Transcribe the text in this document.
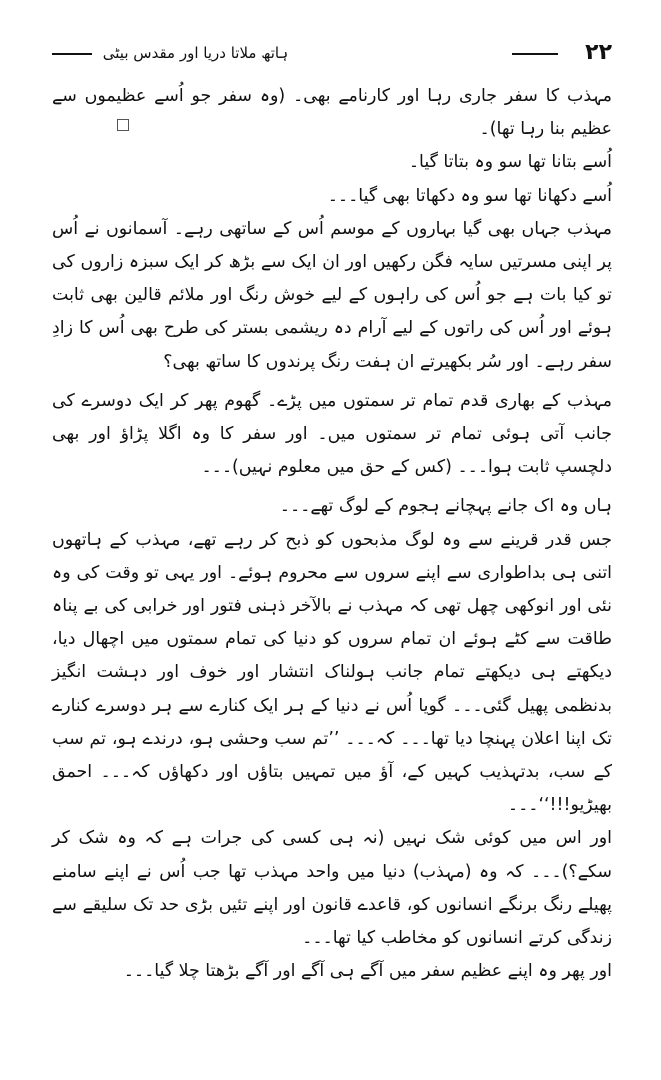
۲۲
ہاتھ ملاتا دریا اور مقدس بیٹی

مہذب کا سفر جاری رہا اور کارنامے بھی۔ (وہ سفر جو اُسے عظیموں سے عظیم بنا رہا تھا)۔

اُسے بتانا تھا سو وہ بتاتا گیا۔

اُسے دکھانا تھا سو وہ دکھاتا بھی گیا۔۔۔

مہذب جہاں بھی گیا بہاروں کے موسم اُس کے ساتھی رہے۔ آسمانوں نے اُس پر اپنی مسرتیں سایہ فگن رکھیں اور ان ایک سے بڑھ کر ایک سبزہ زاروں کی تو کیا بات ہے جو اُس کی راہوں کے لیے خوش رنگ اور ملائم قالین بھی ثابت ہوئے اور اُس کی راتوں کے لیے آرام دہ ریشمی بستر کی طرح بھی اُس کا زادِ سفر رہے۔ اور سُر بکھیرتے ان ہفت رنگ پرندوں کا ساتھ بھی؟

مہذب کے بھاری قدم تمام تر سمتوں میں پڑے۔ گھوم پھر کر ایک دوسرے کی جانب آتی ہوئی تمام تر سمتوں میں۔ اور سفر کا وہ اگلا پڑاؤ اور بھی دلچسپ ثابت ہوا۔۔۔ (کس کے حق میں معلوم نہیں)۔۔۔

ہاں وہ اک جانے پہچانے ہجوم کے لوگ تھے۔۔۔

جس قدر قرینے سے وہ لوگ مذبحوں کو ذبح کر رہے تھے، مہذب کے ہاتھوں اتنی ہی بداطواری سے اپنے سروں سے محروم ہوئے۔ اور یہی تو وقت کی وہ نئی اور انوکھی چھل تھی کہ مہذب نے بالآخر ذہنی فتور اور خرابی کی بے پناہ طاقت سے کٹے ہوئے ان تمام سروں کو دنیا کی تمام سمتوں میں اچھال دیا، دیکھتے ہی دیکھتے تمام جانب ہولناک انتشار اور خوف اور دہشت انگیز بدنظمی پھیل گئی۔۔۔ گویا اُس نے دنیا کے ہر ایک کنارے سے ہر دوسرے کنارے تک اپنا اعلان پہنچا دیا تھا۔۔۔ کہ۔۔۔ ’’تم سب وحشی ہو، درندے ہو، تم سب کے سب، بدتہذیب کہیں کے، آؤ میں تمہیں بتاؤں اور دکھاؤں کہ۔۔۔ احمق بھیڑیو!!!‘‘۔۔۔

اور اس میں کوئی شک نہیں (نہ ہی کسی کی جرات ہے کہ وہ شک کر سکے؟)۔۔۔ کہ وہ (مہذب) دنیا میں واحد مہذب تھا جب اُس نے اپنے سامنے پھیلے رنگ برنگے انسانوں کو، قاعدے قانون اور اپنے تئیں بڑی حد تک سلیقے سے زندگی کرتے انسانوں کو مخاطب کیا تھا۔۔۔

اور پھر وہ اپنے عظیم سفر میں آگے ہی آگے اور آگے بڑھتا چلا گیا۔۔۔
